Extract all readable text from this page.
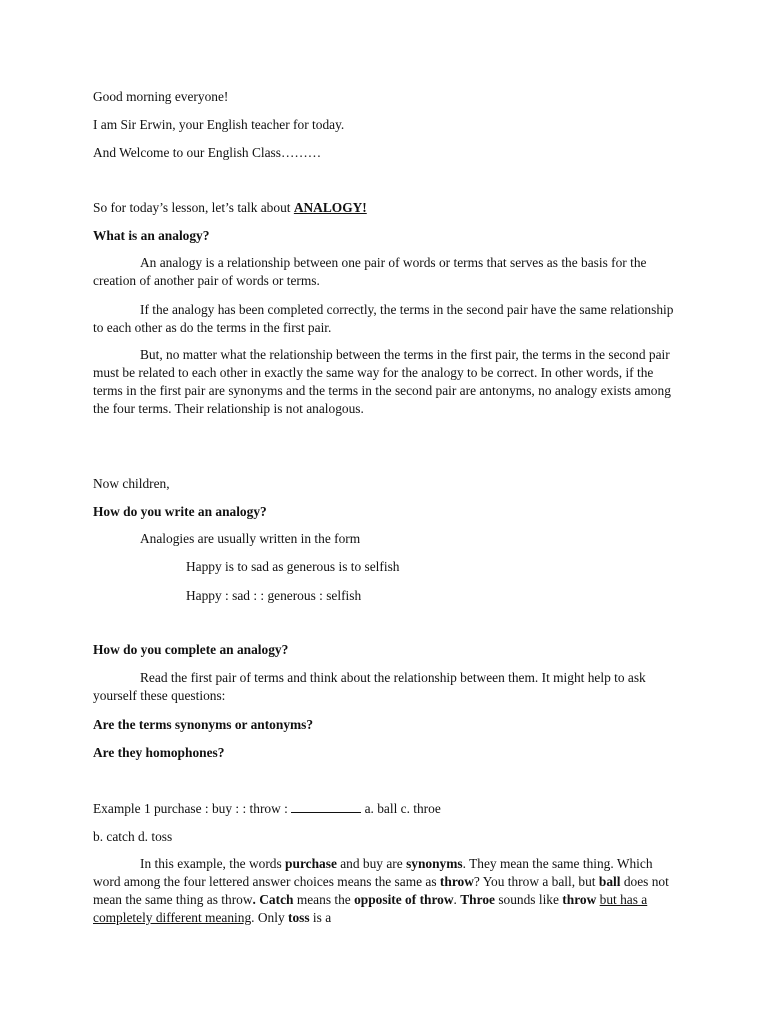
Good morning everyone!
I am Sir Erwin, your English teacher for today.
And Welcome to our English Class………
So for today’s lesson, let’s talk about ANALOGY!
What is an analogy?
An analogy is a relationship between one pair of words or terms that serves as the basis for the creation of another pair of words or terms.
If the analogy has been completed correctly, the terms in the second pair have the same relationship to each other as do the terms in the first pair.
But, no matter what the relationship between the terms in the first pair, the terms in the second pair must be related to each other in exactly the same way for the analogy to be correct. In other words, if the terms in the first pair are synonyms and the terms in the second pair are antonyms, no analogy exists among the four terms. Their relationship is not analogous.
Now children,
How do you write an analogy?
Analogies are usually written in the form
Happy is to sad as generous is to selfish
Happy : sad : : generous : selfish
How do you complete an analogy?
Read the first pair of terms and think about the relationship between them. It might help to ask yourself these questions:
Are the terms synonyms or antonyms?
Are they homophones?
Example 1 purchase : buy : : throw :	a. ball c. throe
b. catch d. toss
In this example, the words purchase and buy are synonyms. They mean the same thing. Which word among the four lettered answer choices means the same as throw? You throw a ball, but ball does not mean the same thing as throw. Catch means the opposite of throw. Throe sounds like throw but has a completely different meaning. Only toss is a
